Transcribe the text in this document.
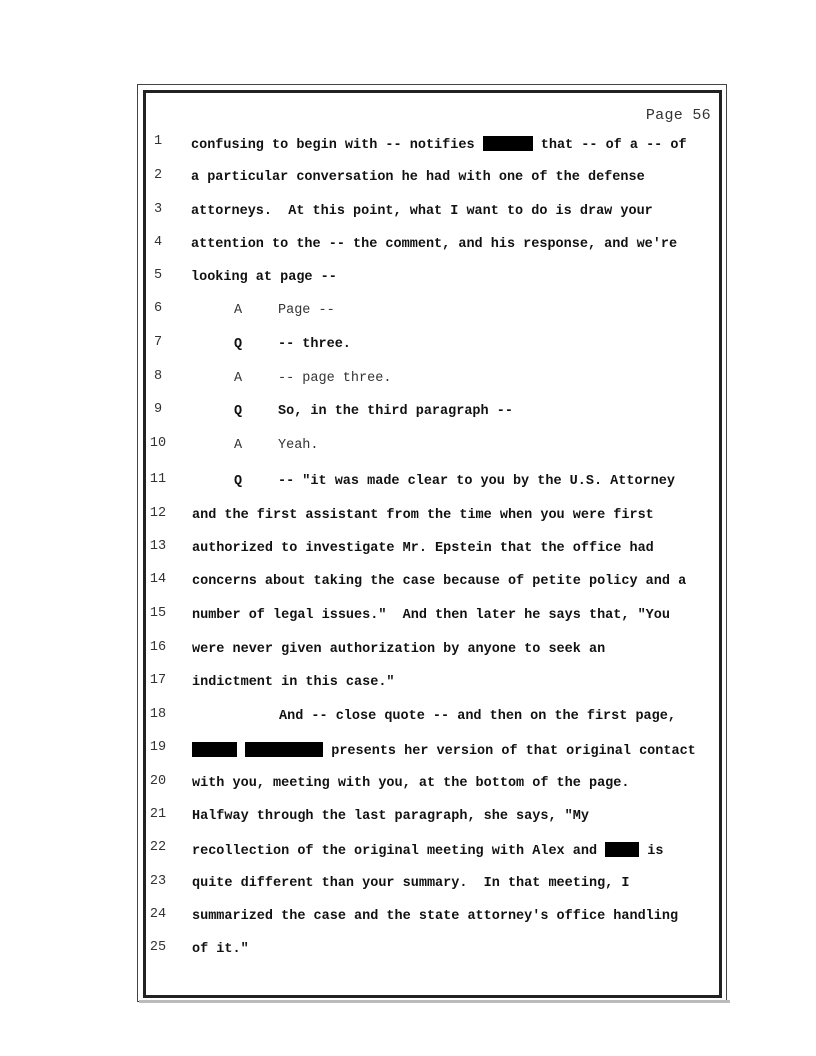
Page 56
1	confusing to begin with -- notifies	that -- of a -- of
2	a particular conversation he had with one of the defense
3	attorneys.  At this point, what I want to do is draw your
4	attention to the -- the comment, and his response, and we're
5	looking at page --
6	A	Page --
7	Q	-- three.
8	A	-- page three.
9	Q	So, in the third paragraph --
10	A	Yeah.
11	Q	-- "it was made clear to you by the U.S. Attorney
12 and the first assistant from the time when you were first
13 authorized to investigate Mr. Epstein that the office had
14 concerns about taking the case because of petite policy and a
15 number of legal issues."  And then later he says that, "You
16 were never given authorization by anyone to seek an
17 indictment in this case."
18	And -- close quote -- and then on the first page,
19	presents her version of that original contact
20 with you, meeting with you, at the bottom of the page.
21 Halfway through the last paragraph, she says, "My
22 recollection of the original meeting with Alex and	is
23 quite different than your summary.  In that meeting, I
24 summarized the case and the state attorney's office handling
25 of it."
